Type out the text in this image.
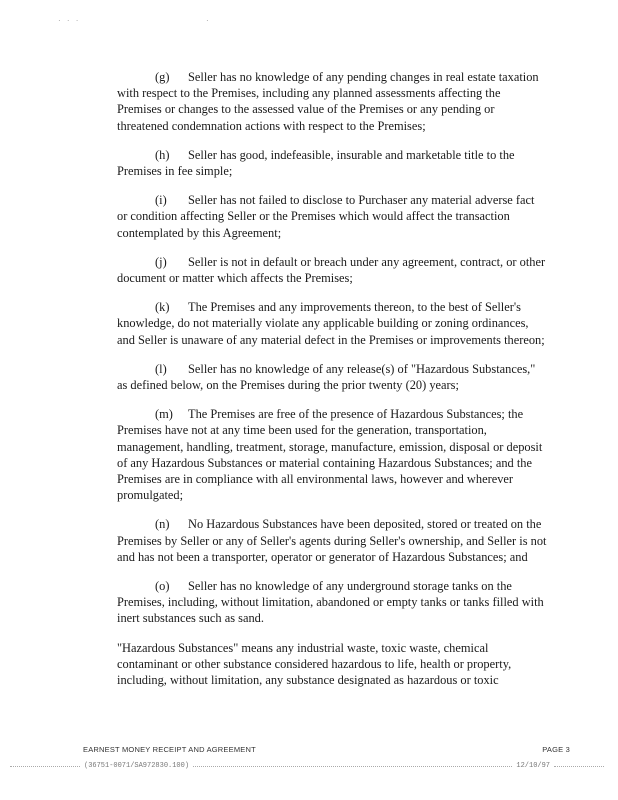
· · ·	·

(g) Seller has no knowledge of any pending changes in real estate taxation with respect to the Premises, including any planned assessments affecting the Premises or changes to the assessed value of the Premises or any pending or threatened condemnation actions with respect to the Premises;

(h) Seller has good, indefeasible, insurable and marketable title to the Premises in fee simple;

(i) Seller has not failed to disclose to Purchaser any material adverse fact or condition affecting Seller or the Premises which would affect the transaction contemplated by this Agreement;

(j) Seller is not in default or breach under any agreement, contract, or other document or matter which affects the Premises;

(k) The Premises and any improvements thereon, to the best of Seller's knowledge, do not materially violate any applicable building or zoning ordinances, and Seller is unaware of any material defect in the Premises or improvements thereon;

(l) Seller has no knowledge of any release(s) of "Hazardous Substances," as defined below, on the Premises during the prior twenty (20) years;

(m) The Premises are free of the presence of Hazardous Substances; the Premises have not at any time been used for the generation, transportation, management, handling, treatment, storage, manufacture, emission, disposal or deposit of any Hazardous Substances or material containing Hazardous Substances; and the Premises are in compliance with all environmental laws, however and wherever promulgated;

(n) No Hazardous Substances have been deposited, stored or treated on the Premises by Seller or any of Seller's agents during Seller's ownership, and Seller is not and has not been a transporter, operator or generator of Hazardous Substances; and

(o) Seller has no knowledge of any underground storage tanks on the Premises, including, without limitation, abandoned or empty tanks or tanks filled with inert substances such as sand.

"Hazardous Substances" means any industrial waste, toxic waste, chemical contaminant or other substance considered hazardous to life, health or property, including, without limitation, any substance designated as hazardous or toxic

EARNEST MONEY RECEIPT AND AGREEMENT	PAGE 3
(36751-0071/SA972830.100)	12/10/97
